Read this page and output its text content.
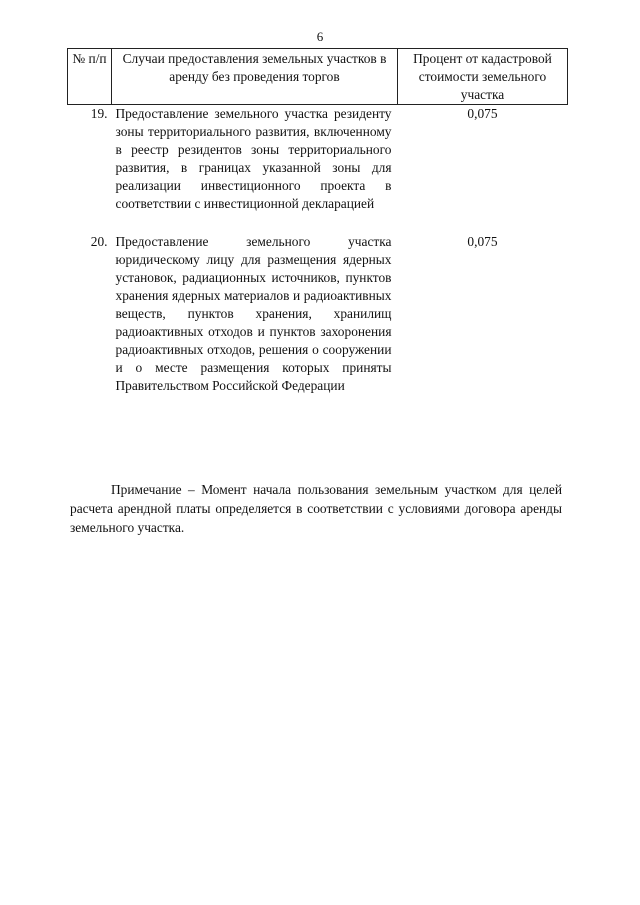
6
№ п/п	Случаи предоставления земельных участков в аренду без проведения торгов	Процент от кадастровой стоимости земельного участка
19.	Предоставление земельного участка резиденту зоны территориального развития, включенному в реестр резидентов зоны территориального развития, в границах указанной зоны для реализации инвестиционного проекта в соответствии с инвестиционной декларацией	0,075
20.	Предоставление земельного участка юридическому лицу для размещения ядерных установок, радиационных источников, пунктов хранения ядерных материалов и радиоактивных веществ, пунктов хранения, хранилищ радиоактивных отходов и пунктов захоронения радиоактивных отходов, решения о сооружении и о месте размещения которых приняты Правительством Российской Федерации	0,075
Примечание – Момент начала пользования земельным участком для целей расчета арендной платы определяется в соответствии с условиями договора аренды земельного участка.
